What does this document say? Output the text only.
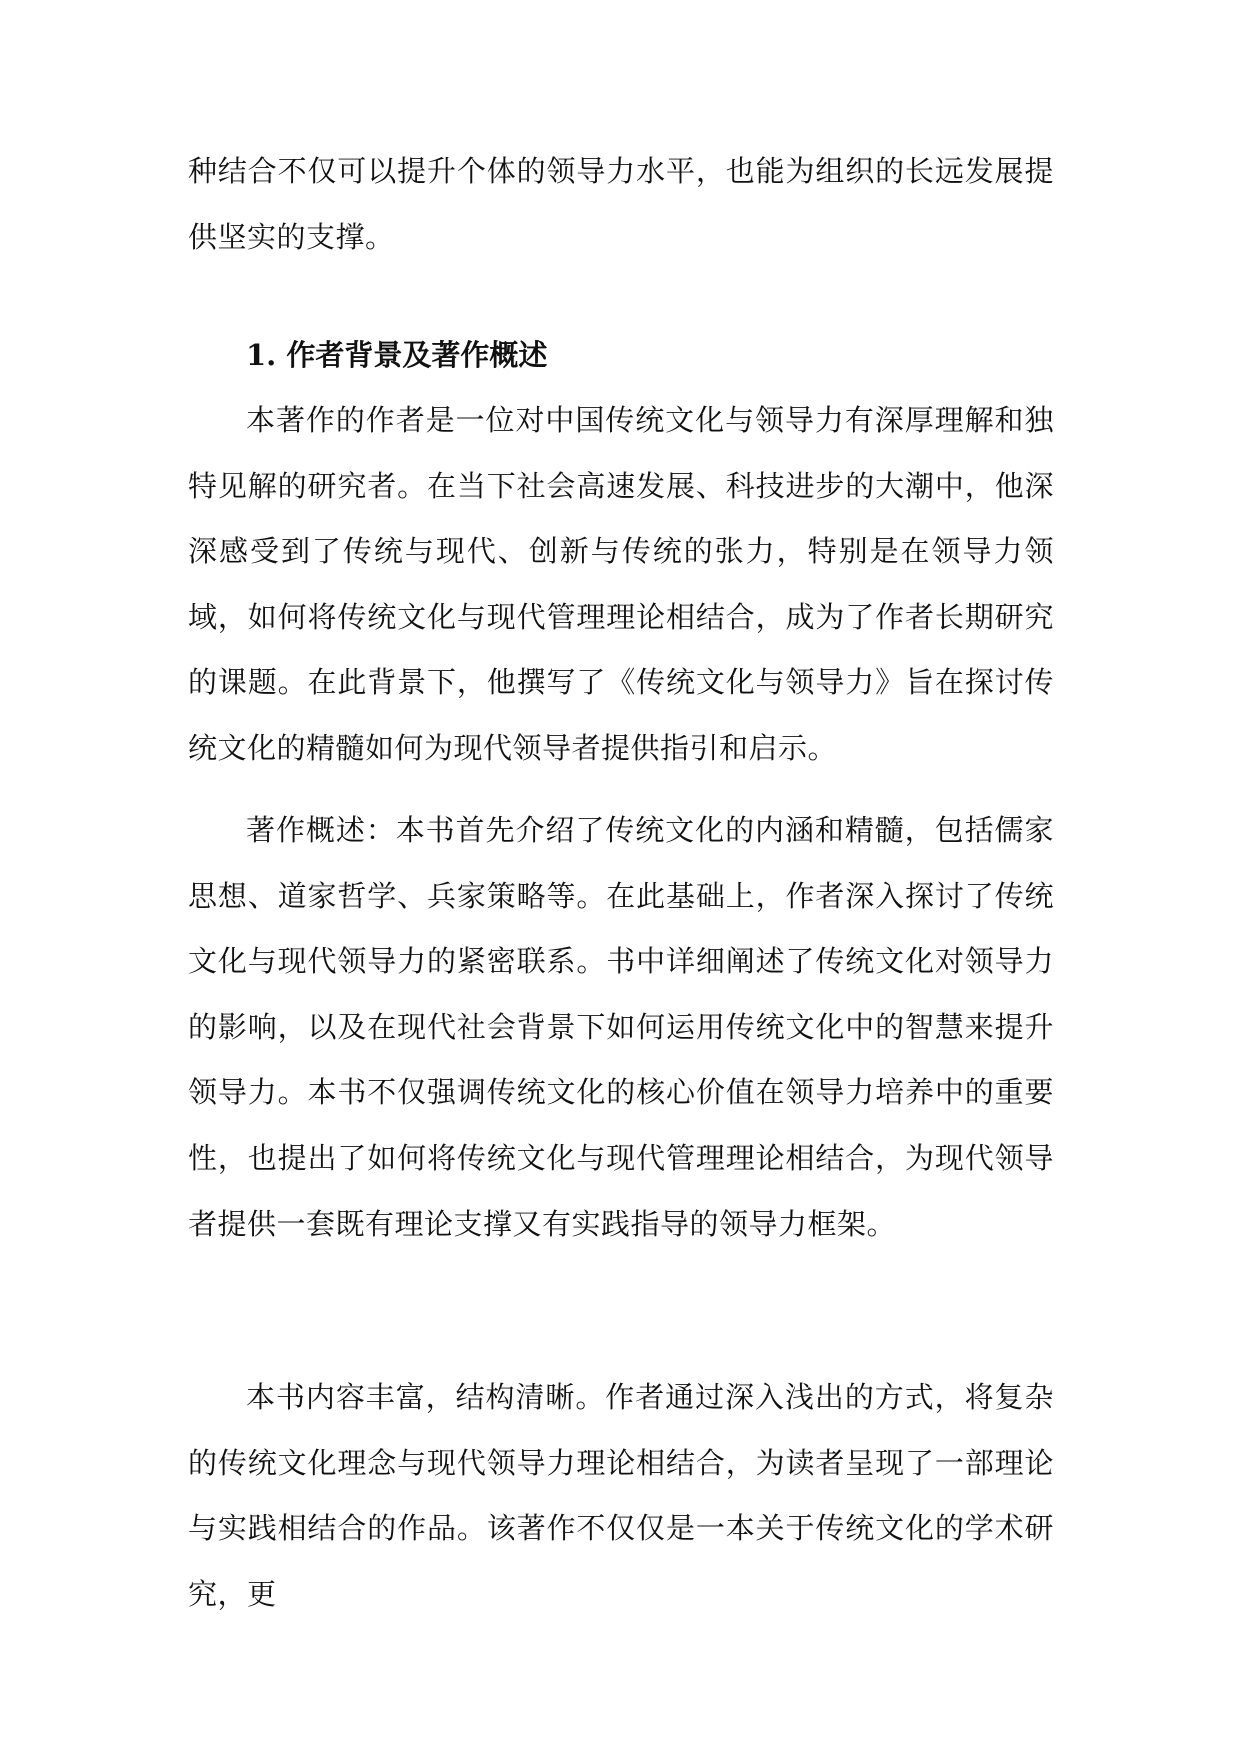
种结合不仅可以提升个体的领导力水平，也能为组织的长远发展提供坚实的支撑。

1. 作者背景及著作概述

本著作的作者是一位对中国传统文化与领导力有深厚理解和独特见解的研究者。在当下社会高速发展、科技进步的大潮中，他深深感受到了传统与现代、创新与传统的张力，特别是在领导力领域，如何将传统文化与现代管理理论相结合，成为了作者长期研究的课题。在此背景下，他撰写了《传统文化与领导力》旨在探讨传统文化的精髓如何为现代领导者提供指引和启示。

著作概述：本书首先介绍了传统文化的内涵和精髓，包括儒家思想、道家哲学、兵家策略等。在此基础上，作者深入探讨了传统文化与现代领导力的紧密联系。书中详细阐述了传统文化对领导力的影响，以及在现代社会背景下如何运用传统文化中的智慧来提升领导力。本书不仅强调传统文化的核心价值在领导力培养中的重要性，也提出了如何将传统文化与现代管理理论相结合，为现代领导者提供一套既有理论支撑又有实践指导的领导力框架。

本书内容丰富，结构清晰。作者通过深入浅出的方式，将复杂的传统文化理念与现代领导力理论相结合，为读者呈现了一部理论与实践相结合的作品。该著作不仅仅是一本关于传统文化的学术研究，更
